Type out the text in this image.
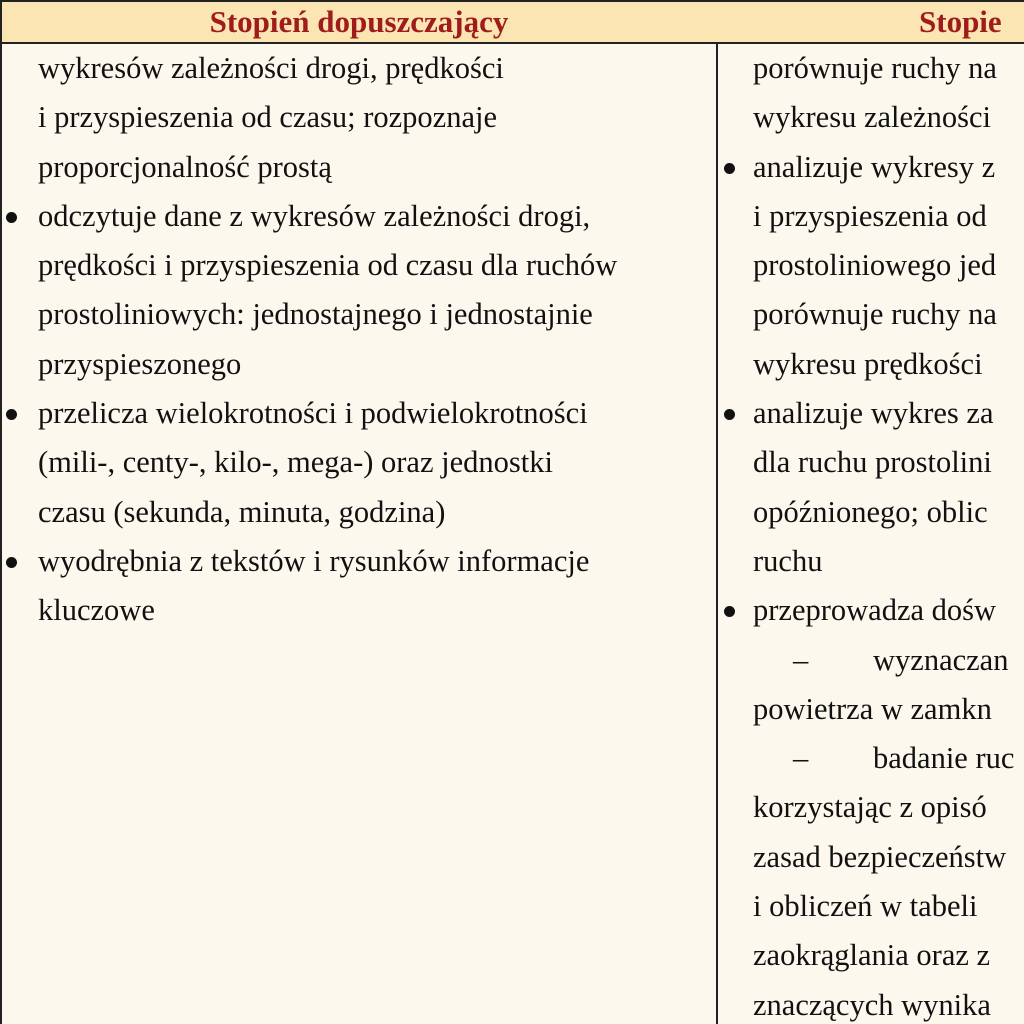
Stopień dopuszczający	Stopie
wykresów zależności drogi, prędkości
i przyspieszenia od czasu; rozpoznaje
proporcjonalność prostą
odczytuje dane z wykresów zależności drogi,
prędkości i przyspieszenia od czasu dla ruchów
prostoliniowych: jednostajnego i jednostajnie
przyspieszonego
przelicza wielokrotności i podwielokrotności
(mili-, centy-, kilo-, mega-) oraz jednostki
czasu (sekunda, minuta, godzina)
wyodrębnia z tekstów i rysunków informacje
kluczowe
porównuje ruchy na
wykresu zależności
analizuje wykresy z
i przyspieszenia od
prostoliniowego jed
porównuje ruchy na
wykresu prędkości
analizuje wykres za
dla ruchu prostolini
opóźnionego; oblic
ruchu
przeprowadza dośw
– wyznaczan
powietrza w zamkn
– badanie ruc
korzystając z opisó
zasad bezpieczeństw
i obliczeń w tabeli
zaokrąglania oraz z
znaczących wynika
